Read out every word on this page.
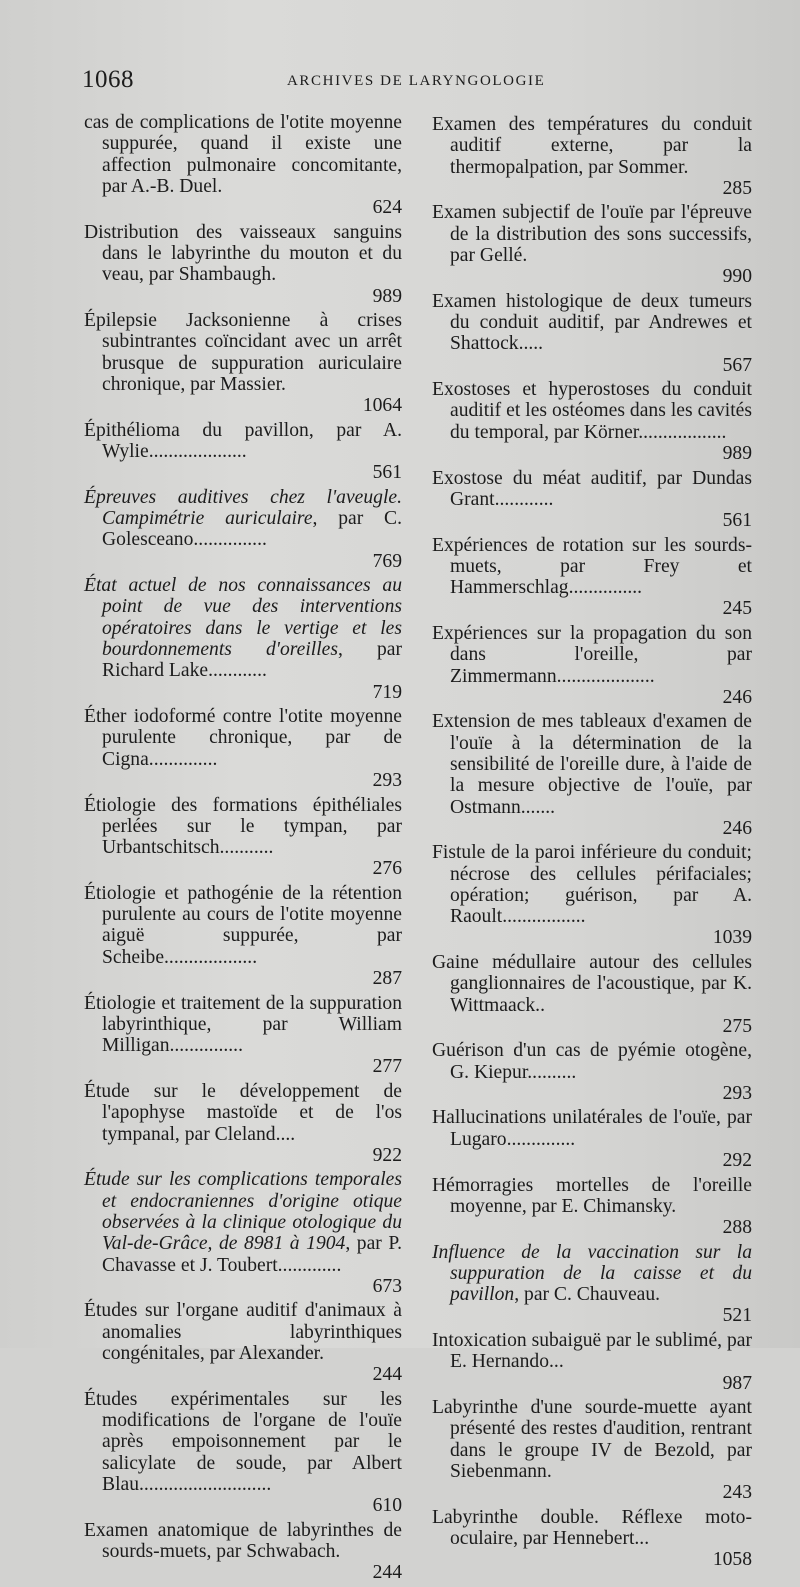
1068	ARCHIVES DE LARYNGOLOGIE
cas de complications de l'otite moyenne suppurée, quand il existe une affection pulmonaire concomitante, par A.-B. Duel.
624
Distribution des vaisseaux sanguins dans le labyrinthe du mouton et du veau, par Shambaugh.
989
Épilepsie Jacksonienne à crises subintrantes coïncidant avec un arrêt brusque de suppuration auriculaire chronique, par Massier.
1064
Épithélioma du pavillon, par A. Wylie....................
561
Épreuves auditives chez l'aveugle. Campimétrie auriculaire, par C. Golesceano...............
769
État actuel de nos connaissances au point de vue des interventions opératoires dans le vertige et les bourdonnements d'oreilles, par Richard Lake............
719
Éther iodoformé contre l'otite moyenne purulente chronique, par de Cigna..............
293
Étiologie des formations épithéliales perlées sur le tympan, par Urbantschitsch...........
276
Étiologie et pathogénie de la rétention purulente au cours de l'otite moyenne aiguë suppurée, par Scheibe...................
287
Étiologie et traitement de la suppuration labyrinthique, par William Milligan...............
277
Étude sur le développement de l'apophyse mastoïde et de l'os tympanal, par Cleland....
922
Étude sur les complications temporales et endocraniennes d'origine otique observées à la clinique otologique du Val-de-Grâce, de 8981 à 1904, par P. Chavasse et J. Toubert.............
673
Études sur l'organe auditif d'animaux à anomalies labyrinthiques congénitales, par Alexander.
244
Études expérimentales sur les modifications de l'organe de l'ouïe après empoisonnement par le salicylate de soude, par Albert Blau...........................
610
Examen anatomique de labyrinthes de sourds-muets, par Schwabach.
244
Examen des températures du conduit auditif externe, par la thermopalpation, par Sommer.
285
Examen subjectif de l'ouïe par l'épreuve de la distribution des sons successifs, par Gellé.
990
Examen histologique de deux tumeurs du conduit auditif, par Andrewes et Shattock.....
567
Exostoses et hyperostoses du conduit auditif et les ostéomes dans les cavités du temporal, par Körner..................
989
Exostose du méat auditif, par Dundas Grant............
561
Expériences de rotation sur les sourds-muets, par Frey et Hammerschlag...............
245
Expériences sur la propagation du son dans l'oreille, par Zimmermann....................
246
Extension de mes tableaux d'examen de l'ouïe à la détermination de la sensibilité de l'oreille dure, à l'aide de la mesure objective de l'ouïe, par Ostmann.......
246
Fistule de la paroi inférieure du conduit; nécrose des cellules périfaciales; opération; guérison, par A. Raoult.................
1039
Gaine médullaire autour des cellules ganglionnaires de l'acoustique, par K. Wittmaack..
275
Guérison d'un cas de pyémie otogène, G. Kiepur..........
293
Hallucinations unilatérales de l'ouïe, par Lugaro..............
292
Hémorragies mortelles de l'oreille moyenne, par E. Chimansky.
288
Influence de la vaccination sur la suppuration de la caisse et du pavillon, par C. Chauveau.
521
Intoxication subaiguë par le sublimé, par E. Hernando...
987
Labyrinthe d'une sourde-muette ayant présenté des restes d'audition, rentrant dans le groupe IV de Bezold, par Siebenmann.
243
Labyrinthe double. Réflexe moto-oculaire, par Hennebert...
1058
